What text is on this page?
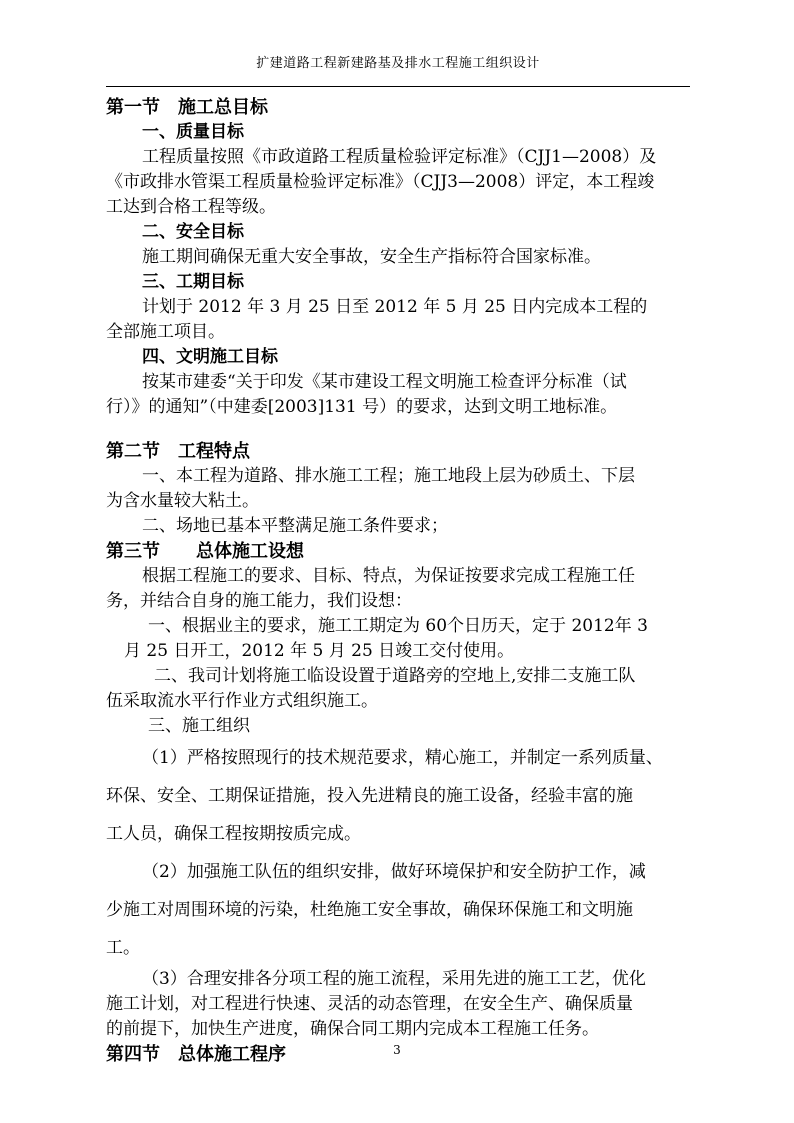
扩建道路工程新建路基及排水工程施工组织设计
第一节　施工总目标
一、质量目标
工程质量按照《市政道路工程质量检验评定标准》（CJJ1—2008）及
《市政排水管渠工程质量检验评定标准》（CJJ3—2008）评定，本工程竣
工达到合格工程等级。
二、安全目标
施工期间确保无重大安全事故，安全生产指标符合国家标准。
三、工期目标
计划于 2012 年 3 月 25 日至 2012 年 5 月 25 日内完成本工程的
全部施工项目。
四、文明施工目标
按某市建委“关于印发《某市建设工程文明施工检查评分标准（试
行）》的通知”（中建委[2003]131 号）的要求，达到文明工地标准。
第二节　工程特点
一、本工程为道路、排水施工工程；施工地段上层为砂质土、下层
为含水量较大粘土。
二、场地已基本平整满足施工条件要求；
第三节　　总体施工设想
根据工程施工的要求、目标、特点，为保证按要求完成工程施工任
务，并结合自身的施工能力，我们设想：
一、根据业主的要求，施工工期定为 60个日历天，定于 2012年 3
月 25 日开工，2012 年 5 月 25 日竣工交付使用。
二、我司计划将施工临设设置于道路旁的空地上,安排二支施工队
伍采取流水平行作业方式组织施工。
三、施工组织
（1）严格按照现行的技术规范要求，精心施工，并制定一系列质量、
环保、安全、工期保证措施，投入先进精良的施工设备，经验丰富的施
工人员，确保工程按期按质完成。
（2）加强施工队伍的组织安排，做好环境保护和安全防护工作，减
少施工对周围环境的污染，杜绝施工安全事故，确保环保施工和文明施
工。
（3）合理安排各分项工程的施工流程，采用先进的施工工艺，优化
施工计划，对工程进行快速、灵活的动态管理，在安全生产、确保质量
的前提下，加快生产进度，确保合同工期内完成本工程施工任务。
第四节　总体施工程序	3
